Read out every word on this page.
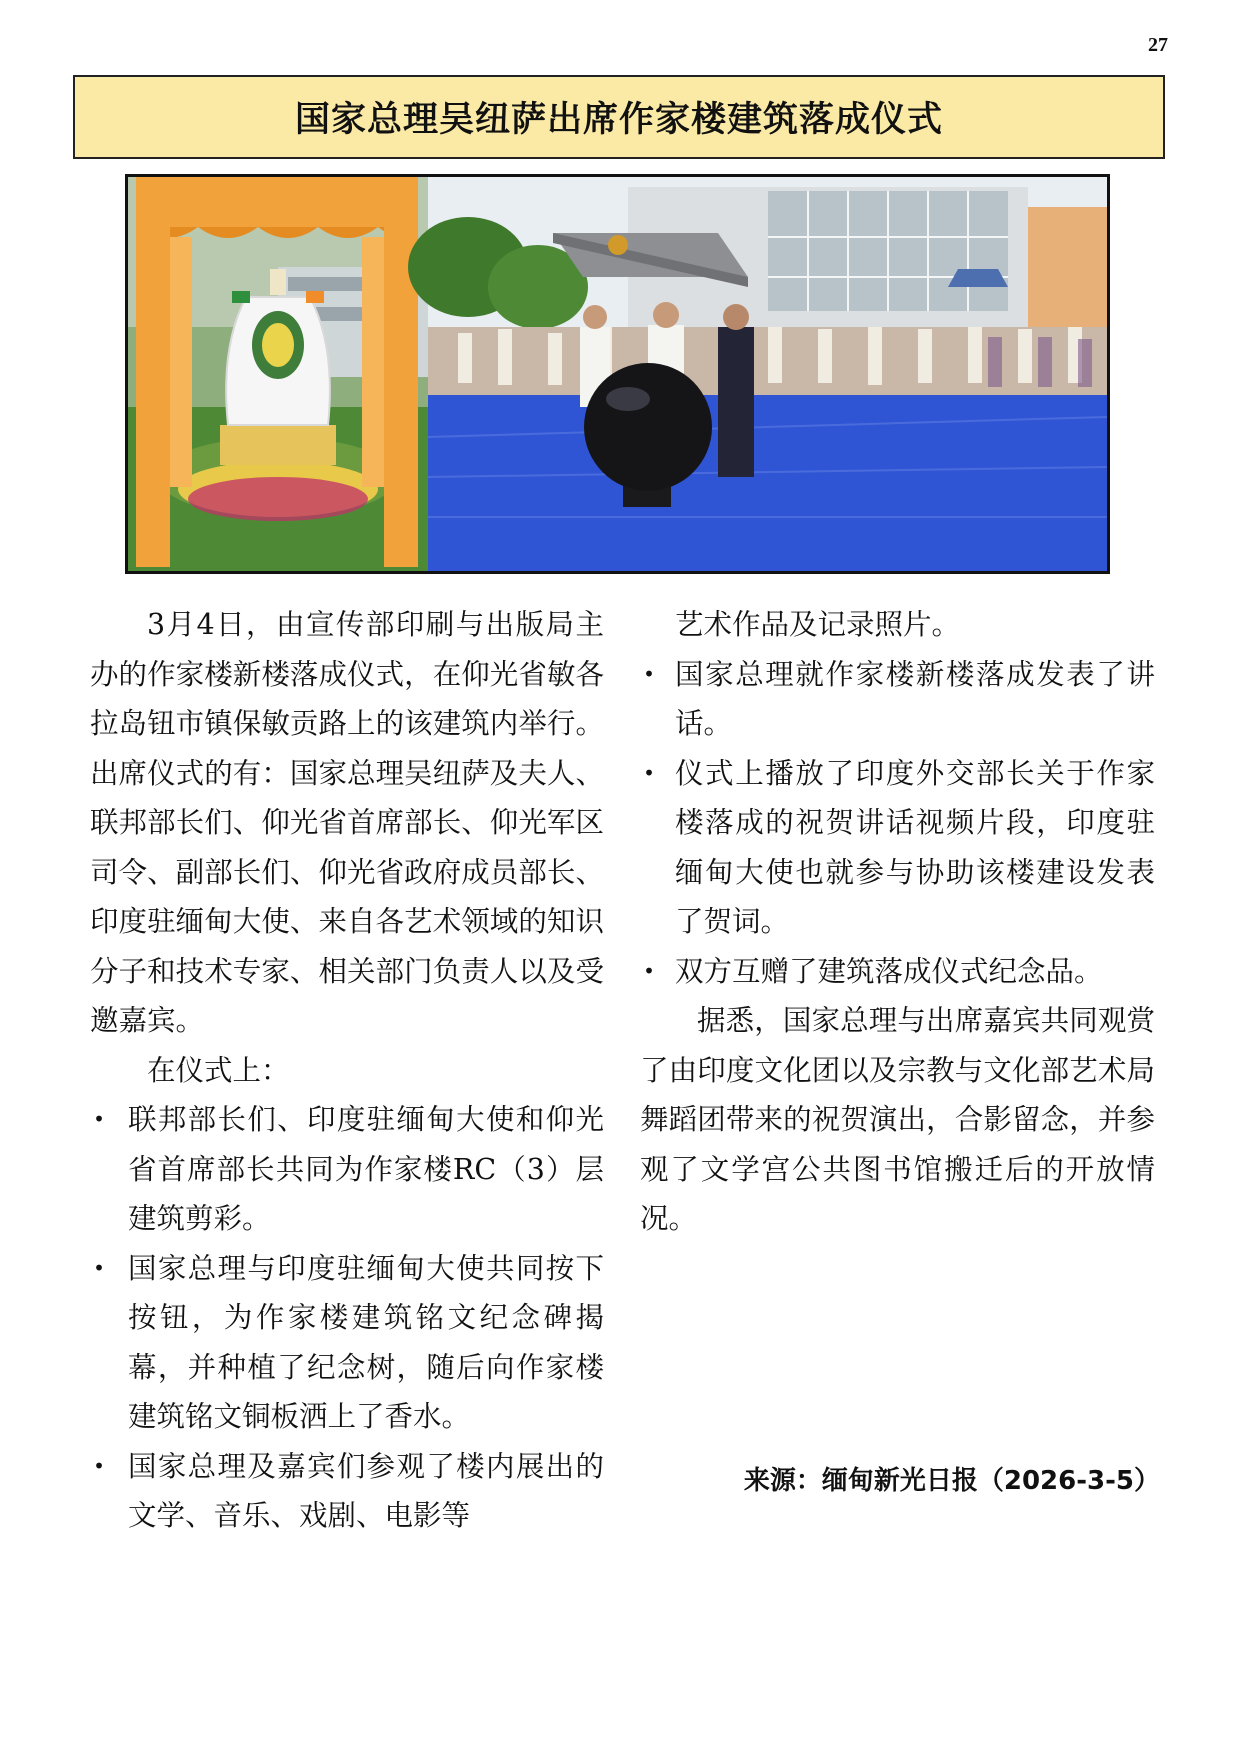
27
国家总理吴纽萨出席作家楼建筑落成仪式

3月4日，由宣传部印刷与出版局主办的作家楼新楼落成仪式，在仰光省敏各拉岛钮市镇保敏贡路上的该建筑内举行。出席仪式的有：国家总理吴纽萨及夫人、联邦部长们、仰光省首席部长、仰光军区司令、副部长们、仰光省政府成员部长、印度驻缅甸大使、来自各艺术领域的知识分子和技术专家、相关部门负责人以及受邀嘉宾。

在仪式上：

• 联邦部长们、印度驻缅甸大使和仰光省首席部长共同为作家楼RC（3）层建筑剪彩。
• 国家总理与印度驻缅甸大使共同按下按钮，为作家楼建筑铭文纪念碑揭幕，并种植了纪念树，随后向作家楼建筑铭文铜板洒上了香水。
• 国家总理及嘉宾们参观了楼内展出的文学、音乐、戏剧、电影等

艺术作品及记录照片。

• 国家总理就作家楼新楼落成发表了讲话。
• 仪式上播放了印度外交部长关于作家楼落成的祝贺讲话视频片段，印度驻缅甸大使也就参与协助该楼建设发表了贺词。
• 双方互赠了建筑落成仪式纪念品。

据悉，国家总理与出席嘉宾共同观赏了由印度文化团以及宗教与文化部艺术局舞蹈团带来的祝贺演出，合影留念，并参观了文学宫公共图书馆搬迁后的开放情况。

来源：缅甸新光日报（2026-3-5）
